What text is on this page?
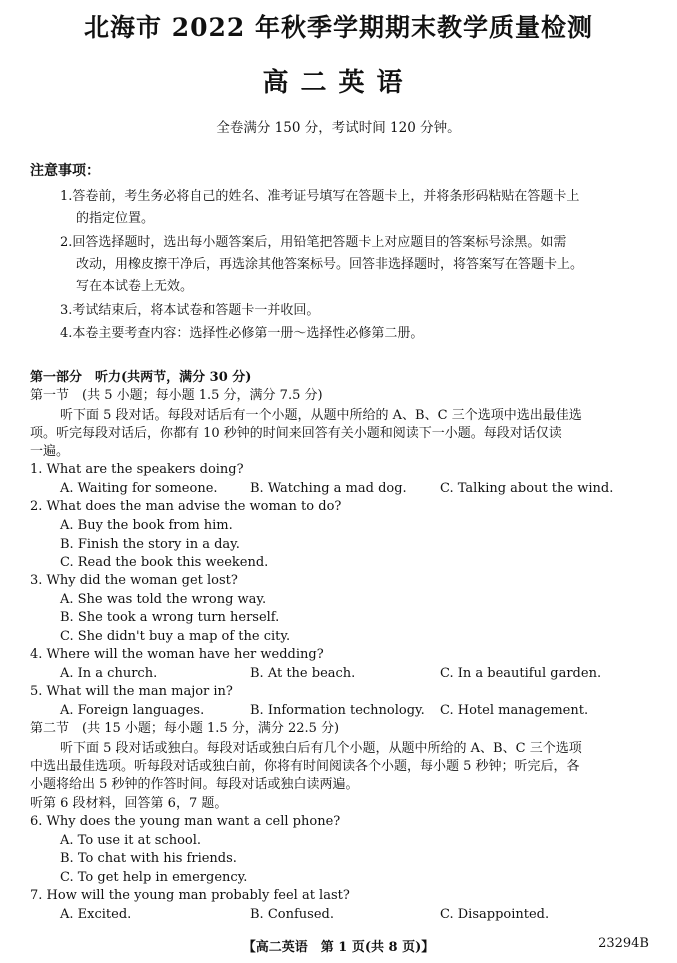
北海市 2022 年秋季学期期末教学质量检测
高二英语
全卷满分 150 分，考试时间 120 分钟。
注意事项：
1.答卷前，考生务必将自己的姓名、准考证号填写在答题卡上，并将条形码粘贴在答题卡上
的指定位置。
2.回答选择题时，选出每小题答案后，用铅笔把答题卡上对应题目的答案标号涂黑。如需
改动，用橡皮擦干净后，再选涂其他答案标号。回答非选择题时，将答案写在答题卡上。
写在本试卷上无效。
3.考试结束后，将本试卷和答题卡一并收回。
4.本卷主要考查内容：选择性必修第一册～选择性必修第二册。
第一部分　听力(共两节，满分 30 分)
第一节　(共 5 小题；每小题 1.5 分，满分 7.5 分)
听下面 5 段对话。每段对话后有一个小题，从题中所给的 A、B、C 三个选项中选出最佳选
项。听完每段对话后，你都有 10 秒钟的时间来回答有关小题和阅读下一小题。每段对话仅读
一遍。
1. What are the speakers doing?
A. Waiting for someone. B. Watching a mad dog.	C. Talking about the wind.
2. What does the man advise the woman to do?
A. Buy the book from him.
B. Finish the story in a day.
C. Read the book this weekend.
3. Why did the woman get lost?
A. She was told the wrong way.
B. She took a wrong turn herself.
C. She didn't buy a map of the city.
4. Where will the woman have her wedding?
A. In a church.	B. At the beach.	C. In a beautiful garden.
5. What will the man major in?
A. Foreign languages.	B. Information technology. C. Hotel management.
第二节　(共 15 小题；每小题 1.5 分，满分 22.5 分)
听下面 5 段对话或独白。每段对话或独白后有几个小题，从题中所给的 A、B、C 三个选项
中选出最佳选项。听每段对话或独白前，你将有时间阅读各个小题，每小题 5 秒钟；听完后，各
小题将给出 5 秒钟的作答时间。每段对话或独白读两遍。
听第 6 段材料，回答第 6，7 题。
6. Why does the young man want a cell phone?
A. To use it at school.
B. To chat with his friends.
C. To get help in emergency.
7. How will the young man probably feel at last?
A. Excited.	B. Confused.	C. Disappointed.
【高二英语　第 1 页(共 8 页)】	23294B
